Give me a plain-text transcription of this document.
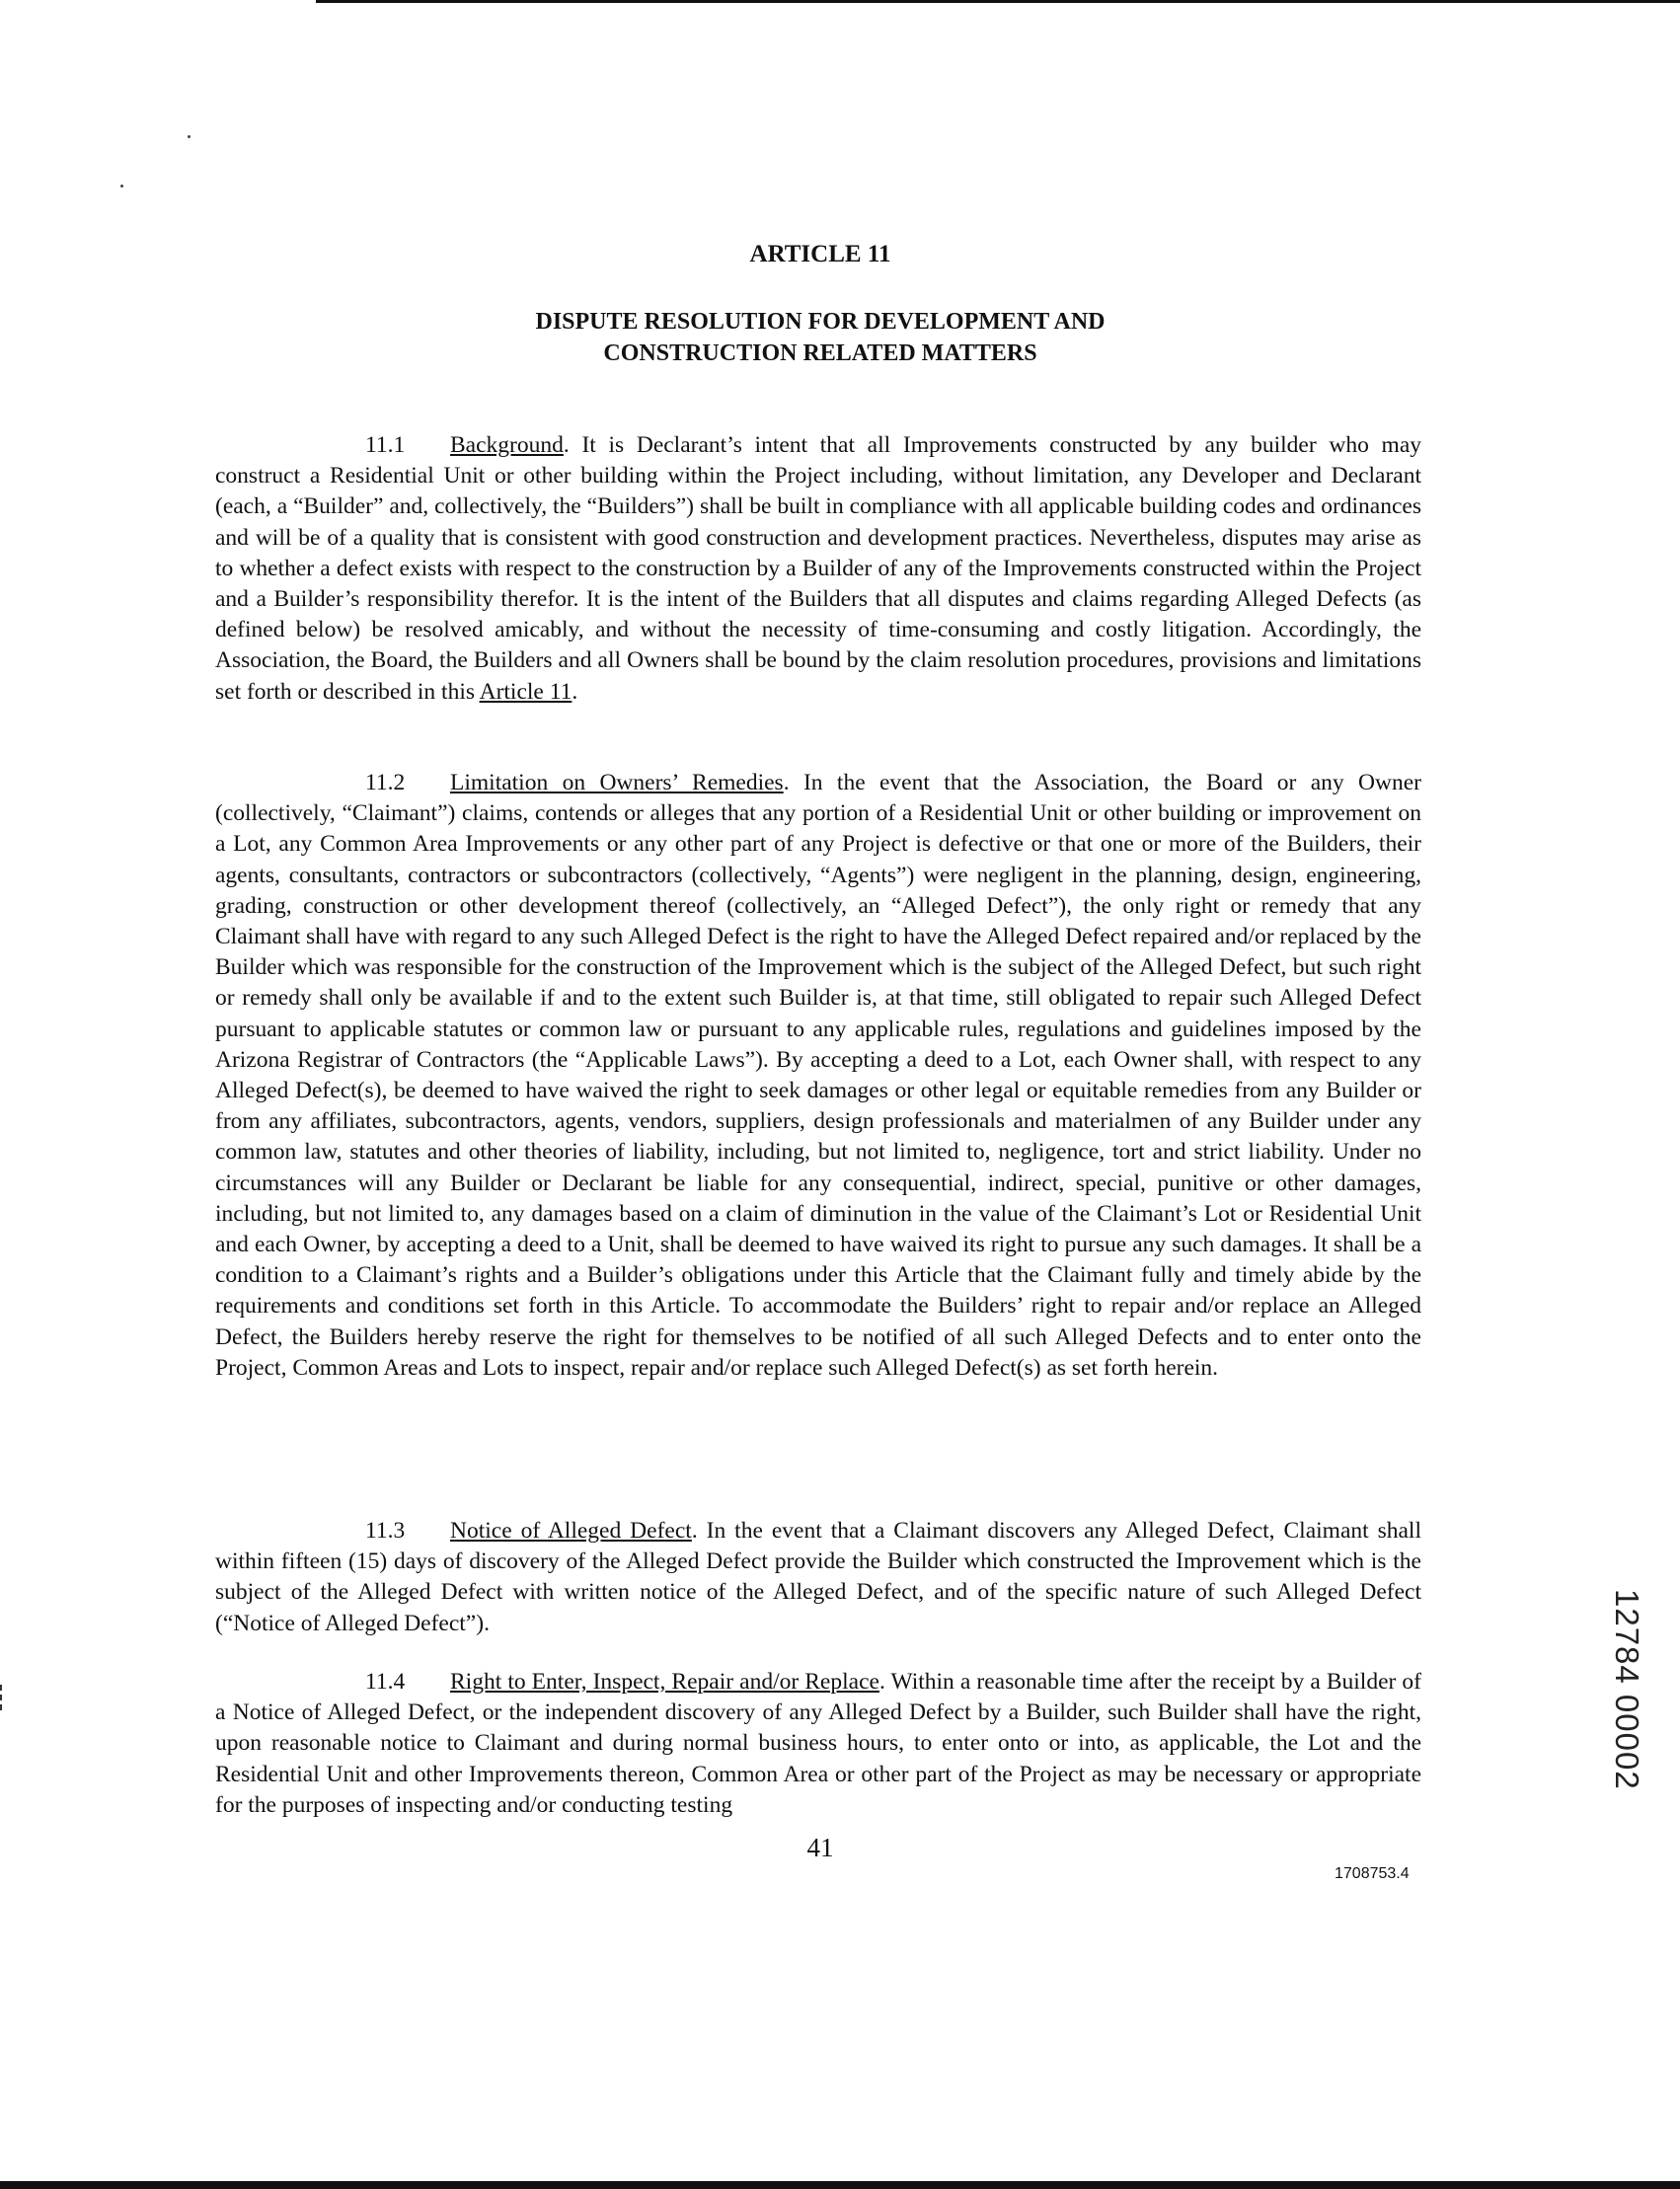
ARTICLE 11
DISPUTE RESOLUTION FOR DEVELOPMENT AND
CONSTRUCTION RELATED MATTERS

11.1 Background. It is Declarant’s intent that all Improvements constructed by any builder who may construct a Residential Unit or other building within the Project including, without limitation, any Developer and Declarant (each, a “Builder” and, collectively, the “Builders”) shall be built in compliance with all applicable building codes and ordinances and will be of a quality that is consistent with good construction and development practices. Nevertheless, disputes may arise as to whether a defect exists with respect to the construction by a Builder of any of the Improvements constructed within the Project and a Builder’s responsibility therefor. It is the intent of the Builders that all disputes and claims regarding Alleged Defects (as defined below) be resolved amicably, and without the necessity of time-consuming and costly litigation. Accordingly, the Association, the Board, the Builders and all Owners shall be bound by the claim resolution procedures, provisions and limitations set forth or described in this Article 11.

11.2 Limitation on Owners’ Remedies. In the event that the Association, the Board or any Owner (collectively, “Claimant”) claims, contends or alleges that any portion of a Residential Unit or other building or improvement on a Lot, any Common Area Improvements or any other part of any Project is defective or that one or more of the Builders, their agents, consultants, contractors or subcontractors (collectively, “Agents”) were negligent in the planning, design, engineering, grading, construction or other development thereof (collectively, an “Alleged Defect”), the only right or remedy that any Claimant shall have with regard to any such Alleged Defect is the right to have the Alleged Defect repaired and/or replaced by the Builder which was responsible for the construction of the Improvement which is the subject of the Alleged Defect, but such right or remedy shall only be available if and to the extent such Builder is, at that time, still obligated to repair such Alleged Defect pursuant to applicable statutes or common law or pursuant to any applicable rules, regulations and guidelines imposed by the Arizona Registrar of Contractors (the “Applicable Laws”). By accepting a deed to a Lot, each Owner shall, with respect to any Alleged Defect(s), be deemed to have waived the right to seek damages or other legal or equitable remedies from any Builder or from any affiliates, subcontractors, agents, vendors, suppliers, design professionals and materialmen of any Builder under any common law, statutes and other theories of liability, including, but not limited to, negligence, tort and strict liability. Under no circumstances will any Builder or Declarant be liable for any consequential, indirect, special, punitive or other damages, including, but not limited to, any damages based on a claim of diminution in the value of the Claimant’s Lot or Residential Unit and each Owner, by accepting a deed to a Unit, shall be deemed to have waived its right to pursue any such damages. It shall be a condition to a Claimant’s rights and a Builder’s obligations under this Article that the Claimant fully and timely abide by the requirements and conditions set forth in this Article. To accommodate the Builders’ right to repair and/or replace an Alleged Defect, the Builders hereby reserve the right for themselves to be notified of all such Alleged Defects and to enter onto the Project, Common Areas and Lots to inspect, repair and/or replace such Alleged Defect(s) as set forth herein.

11.3 Notice of Alleged Defect. In the event that a Claimant discovers any Alleged Defect, Claimant shall within fifteen (15) days of discovery of the Alleged Defect provide the Builder which constructed the Improvement which is the subject of the Alleged Defect with written notice of the Alleged Defect, and of the specific nature of such Alleged Defect (“Notice of Alleged Defect”).

11.4 Right to Enter, Inspect, Repair and/or Replace. Within a reasonable time after the receipt by a Builder of a Notice of Alleged Defect, or the independent discovery of any Alleged Defect by a Builder, such Builder shall have the right, upon reasonable notice to Claimant and during normal business hours, to enter onto or into, as applicable, the Lot and the Residential Unit and other Improvements thereon, Common Area or other part of the Project as may be necessary or appropriate for the purposes of inspecting and/or conducting testing

41
1708753.4
12784 00002
